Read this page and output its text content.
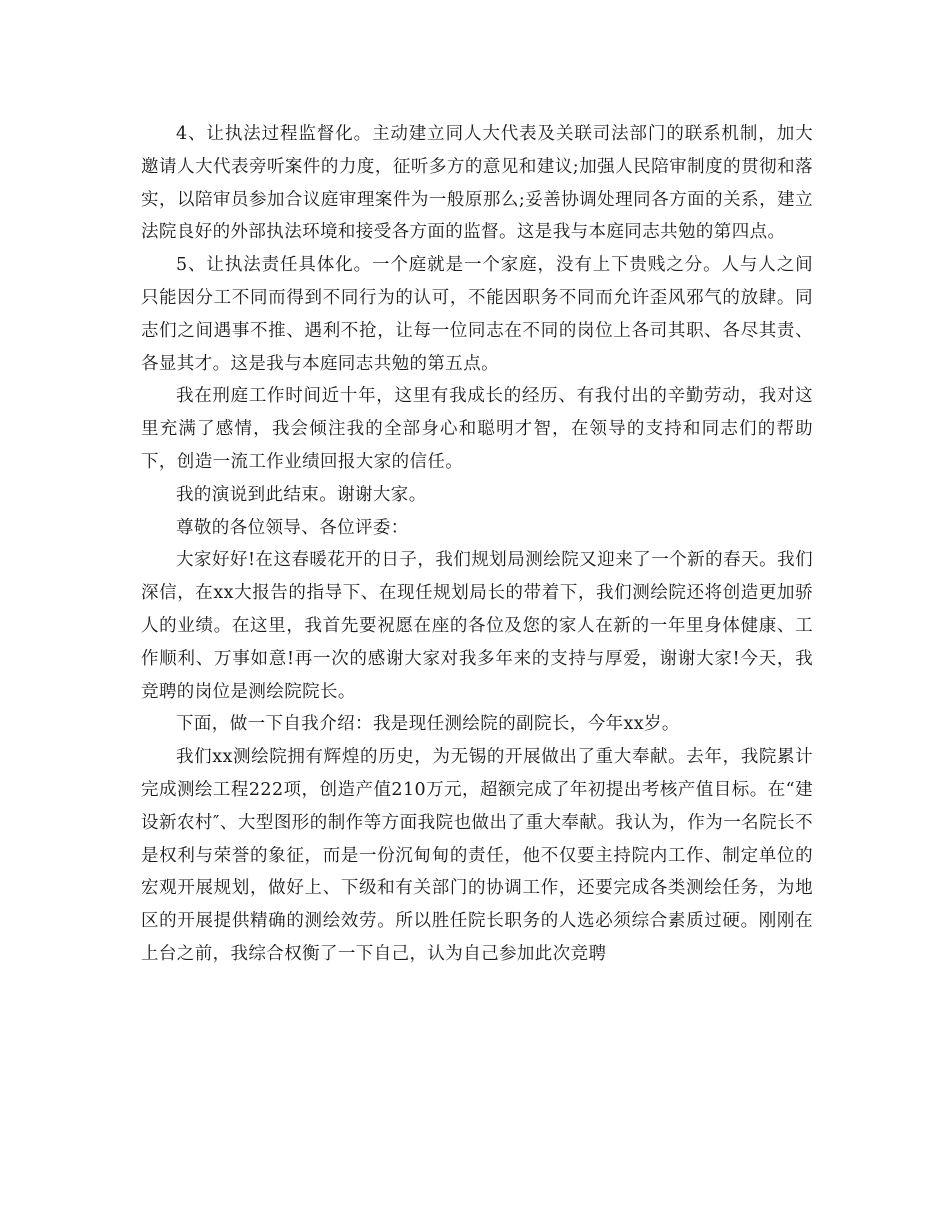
4、让执法过程监督化。主动建立同人大代表及关联司法部门的联系机制，加大邀请人大代表旁听案件的力度，征听多方的意见和建议;加强人民陪审制度的贯彻和落实，以陪审员参加合议庭审理案件为一般原那么;妥善协调处理同各方面的关系，建立法院良好的外部执法环境和接受各方面的监督。这是我与本庭同志共勉的第四点。

5、让执法责任具体化。一个庭就是一个家庭，没有上下贵贱之分。人与人之间只能因分工不同而得到不同行为的认可，不能因职务不同而允许歪风邪气的放肆。同志们之间遇事不推、遇利不抢，让每一位同志在不同的岗位上各司其职、各尽其责、各显其才。这是我与本庭同志共勉的第五点。

我在刑庭工作时间近十年，这里有我成长的经历、有我付出的辛勤劳动，我对这里充满了感情，我会倾注我的全部身心和聪明才智，在领导的支持和同志们的帮助下，创造一流工作业绩回报大家的信任。

我的演说到此结束。谢谢大家。

尊敬的各位领导、各位评委：

大家好好!在这春暖花开的日子，我们规划局测绘院又迎来了一个新的春天。我们深信，在xx大报告的指导下、在现任规划局长的带着下，我们测绘院还将创造更加骄人的业绩。在这里，我首先要祝愿在座的各位及您的家人在新的一年里身体健康、工作顺利、万事如意!再一次的感谢大家对我多年来的支持与厚爱，谢谢大家!今天，我竞聘的岗位是测绘院院长。

下面，做一下自我介绍：我是现任测绘院的副院长，今年xx岁。

我们xx测绘院拥有辉煌的历史，为无锡的开展做出了重大奉献。去年，我院累计完成测绘工程222项，创造产值210万元，超额完成了年初提出考核产值目标。在“建设新农村″、大型图形的制作等方面我院也做出了重大奉献。我认为，作为一名院长不是权利与荣誉的象征，而是一份沉甸甸的责任，他不仅要主持院内工作、制定单位的宏观开展规划，做好上、下级和有关部门的协调工作，还要完成各类测绘任务，为地区的开展提供精确的测绘效劳。所以胜任院长职务的人选必须综合素质过硬。刚刚在上台之前，我综合权衡了一下自己，认为自己参加此次竞聘
